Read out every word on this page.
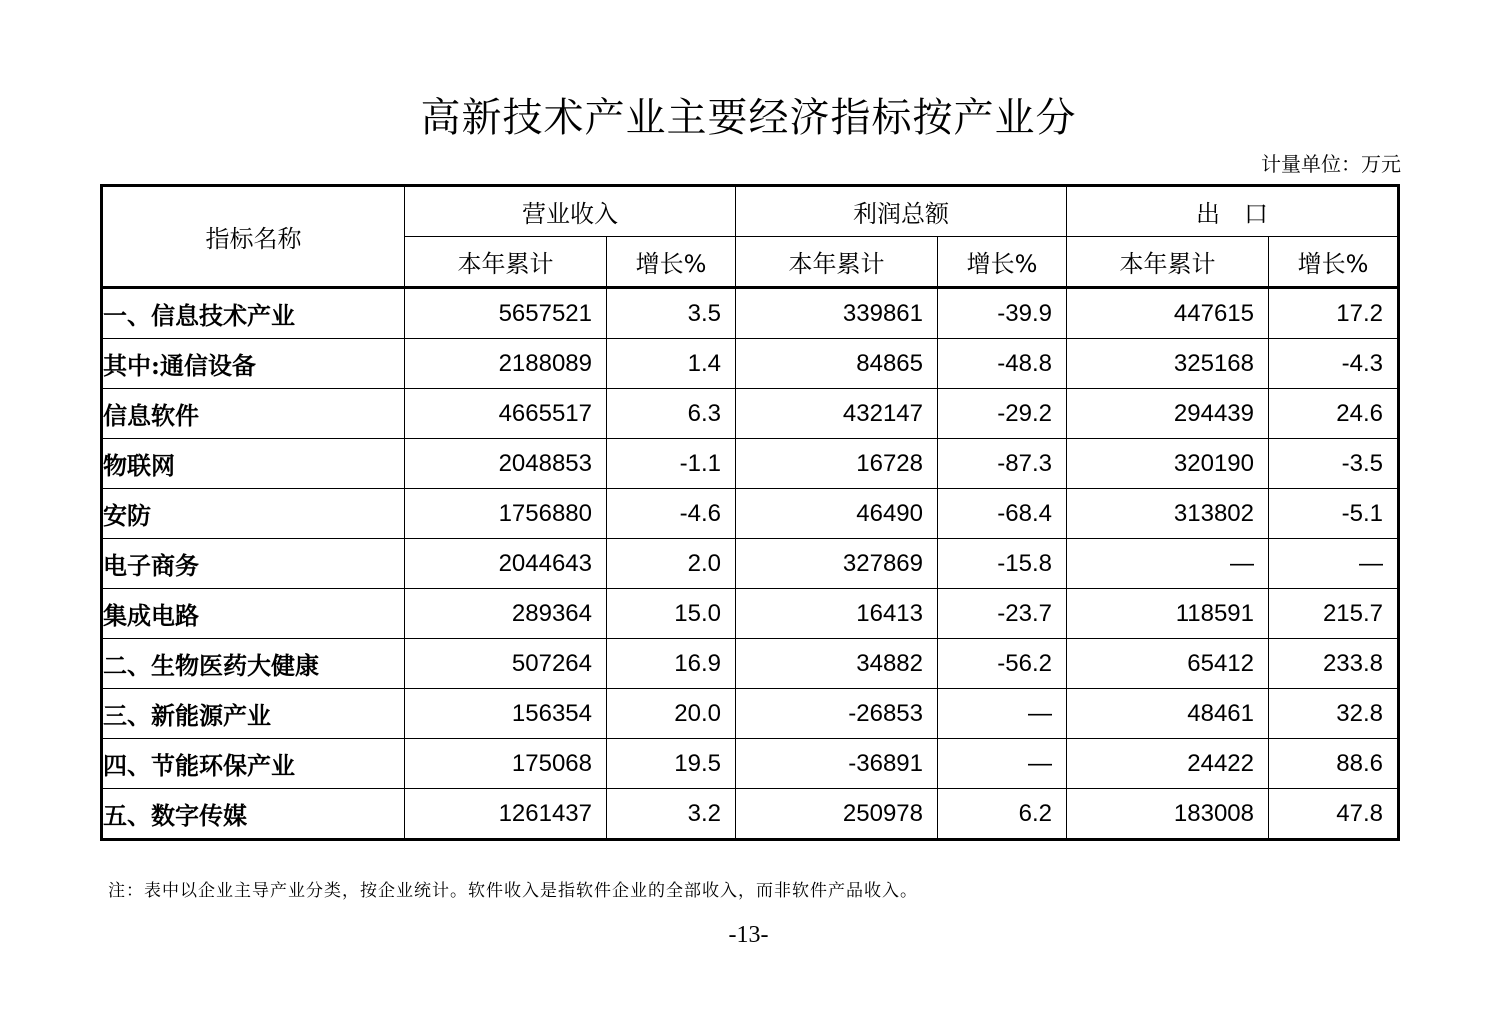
高新技术产业主要经济指标按产业分
计量单位：万元
指标名称	营业收入		利润总额		出　口	
	本年累计	增长%	本年累计	增长%	本年累计	增长%
一、信息技术产业	5657521	3.5	339861	-39.9	447615	17.2
其中:通信设备	2188089	1.4	84865	-48.8	325168	-4.3
信息软件	4665517	6.3	432147	-29.2	294439	24.6
物联网	2048853	-1.1	16728	-87.3	320190	-3.5
安防	1756880	-4.6	46490	-68.4	313802	-5.1
电子商务	2044643	2.0	327869	-15.8	—	—
集成电路	289364	15.0	16413	-23.7	118591	215.7
二、生物医药大健康	507264	16.9	34882	-56.2	65412	233.8
三、新能源产业	156354	20.0	-26853	—	48461	32.8
四、节能环保产业	175068	19.5	-36891	—	24422	88.6
五、数字传媒	1261437	3.2	250978	6.2	183008	47.8
注：表中以企业主导产业分类，按企业统计。软件收入是指软件企业的全部收入，而非软件产品收入。
-13-
